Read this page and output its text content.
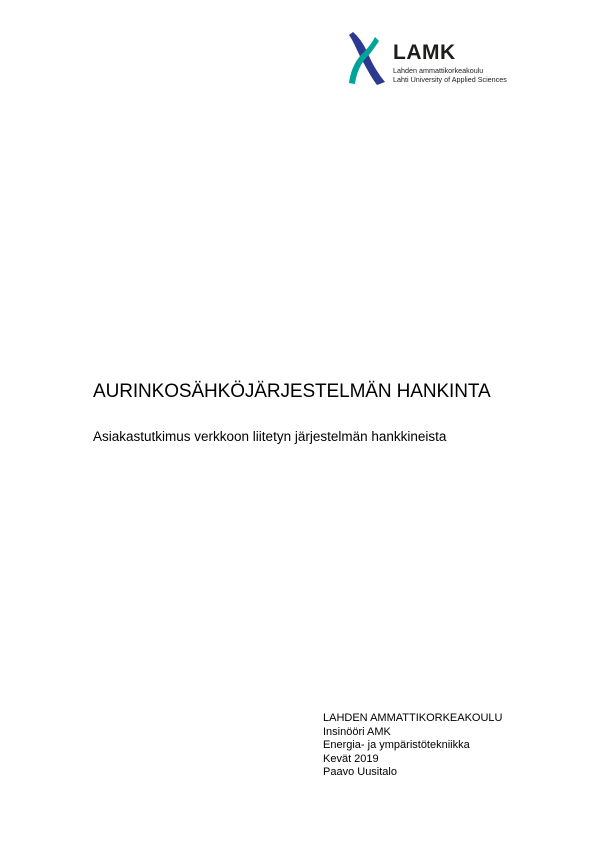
LAMK
Lahden ammattikorkeakoulu
Lahti University of Applied Sciences
AURINKOSÄHKÖJÄRJESTELMÄN HANKINTA
Asiakastutkimus verkkoon liitetyn järjestelmän hankkineista
LAHDEN AMMATTIKORKEAKOULU
Insinööri AMK
Energia- ja ympäristötekniikka
Kevät 2019
Paavo Uusitalo
